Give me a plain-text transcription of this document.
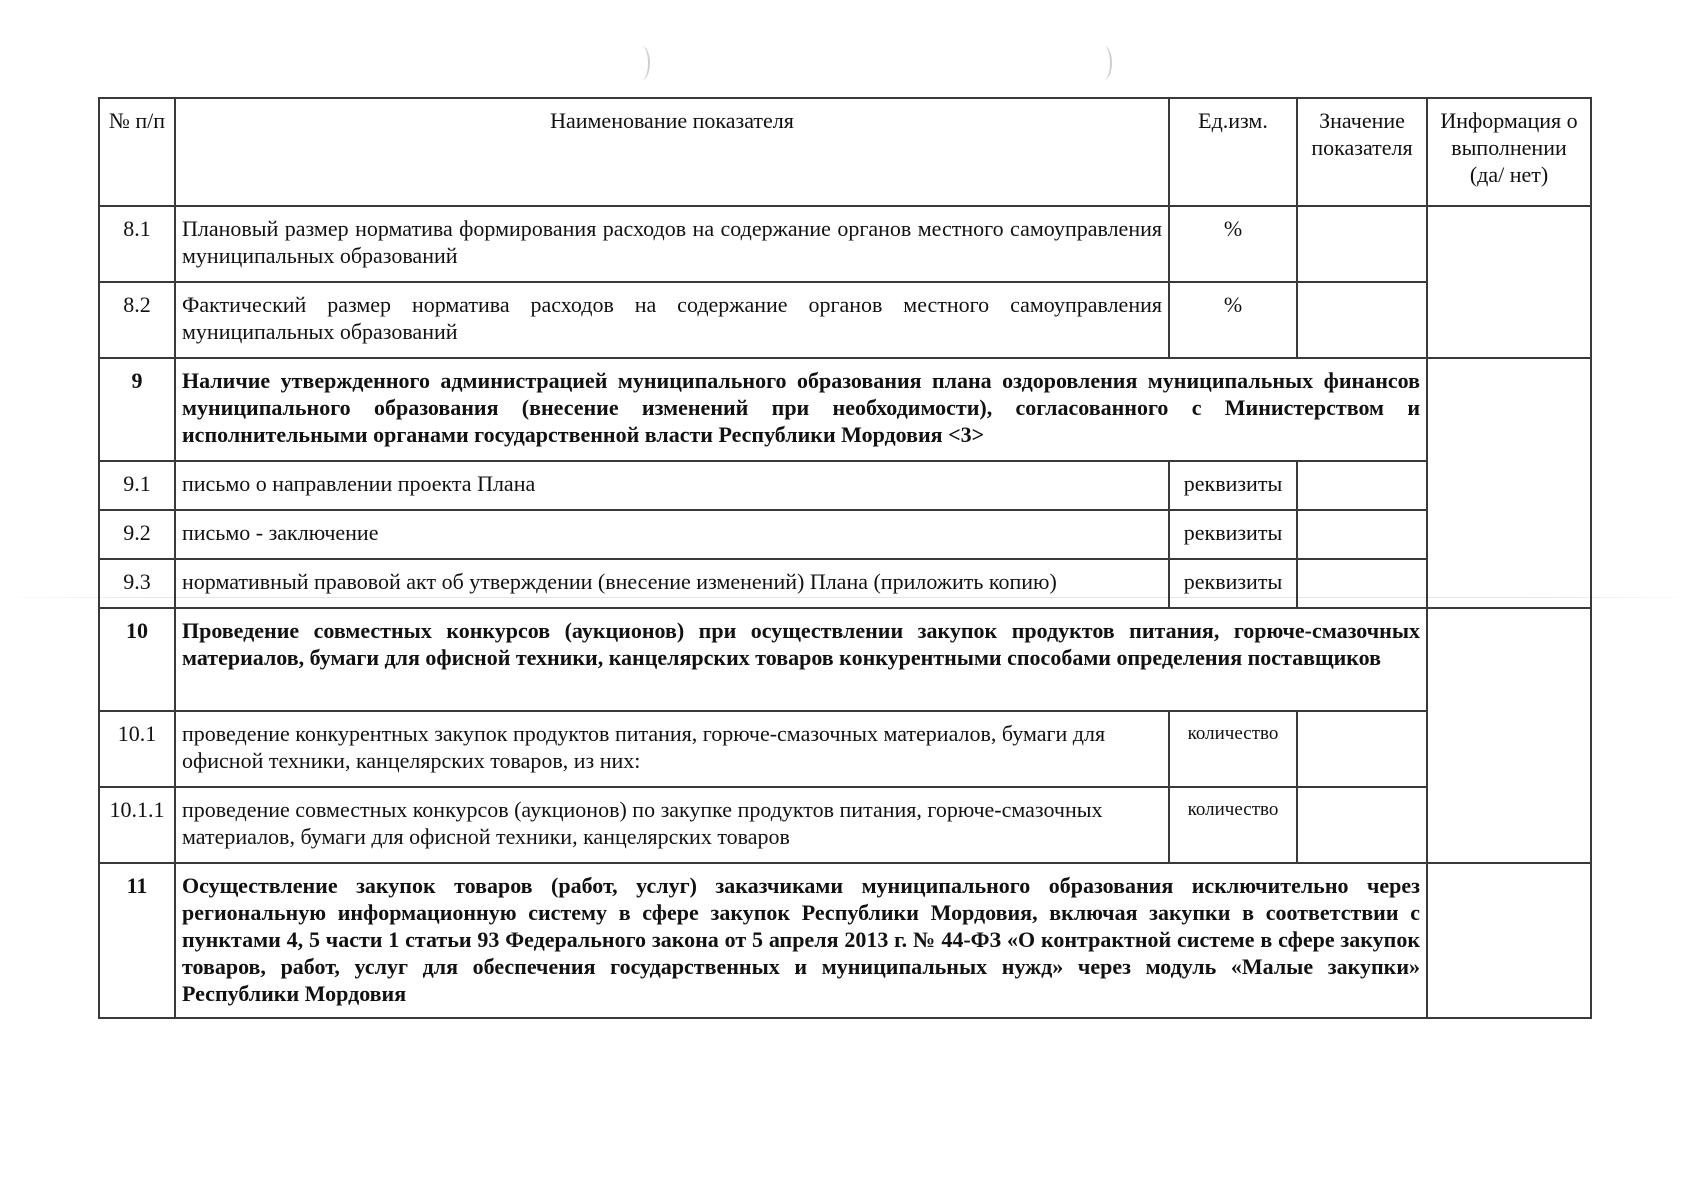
№ п/п	Наименование показателя	Ед.изм.	Значение показателя	Информация о выполнении (да/ нет)
8.1	Плановый размер норматива формирования расходов на содержание органов местного самоуправления муниципальных образований	%		
8.2	Фактический размер норматива расходов на содержание органов местного самоуправления муниципальных образований	%		
9	Наличие утвержденного администрацией муниципального образования плана оздоровления муниципальных финансов муниципального образования (внесение изменений при необходимости), согласованного с Министерством и исполнительными органами государственной власти Республики Мордовия <3>			
9.1	письмо о направлении проекта Плана	реквизиты		
9.2	письмо - заключение	реквизиты		
9.3	нормативный правовой акт об утверждении (внесение изменений) Плана (приложить копию)	реквизиты		
10	Проведение совместных конкурсов (аукционов) при осуществлении закупок продуктов питания, горюче-смазочных материалов, бумаги для офисной техники, канцелярских товаров конкурентными способами определения поставщиков			
10.1	проведение конкурентных закупок продуктов питания, горюче-смазочных материалов, бумаги для офисной техники, канцелярских товаров, из них:	количество		
10.1.1	проведение совместных конкурсов (аукционов) по закупке продуктов питания, горюче-смазочных материалов, бумаги для офисной техники, канцелярских товаров	количество		
11	Осуществление закупок товаров (работ, услуг) заказчиками муниципального образования исключительно через региональную информационную систему в сфере закупок Республики Мордовия, включая закупки в соответствии с пунктами 4, 5 части 1 статьи 93 Федерального закона от 5 апреля 2013 г. № 44-ФЗ «О контрактной системе в сфере закупок товаров, работ, услуг для обеспечения государственных и муниципальных нужд» через модуль «Малые закупки» Республики Мордовия			
